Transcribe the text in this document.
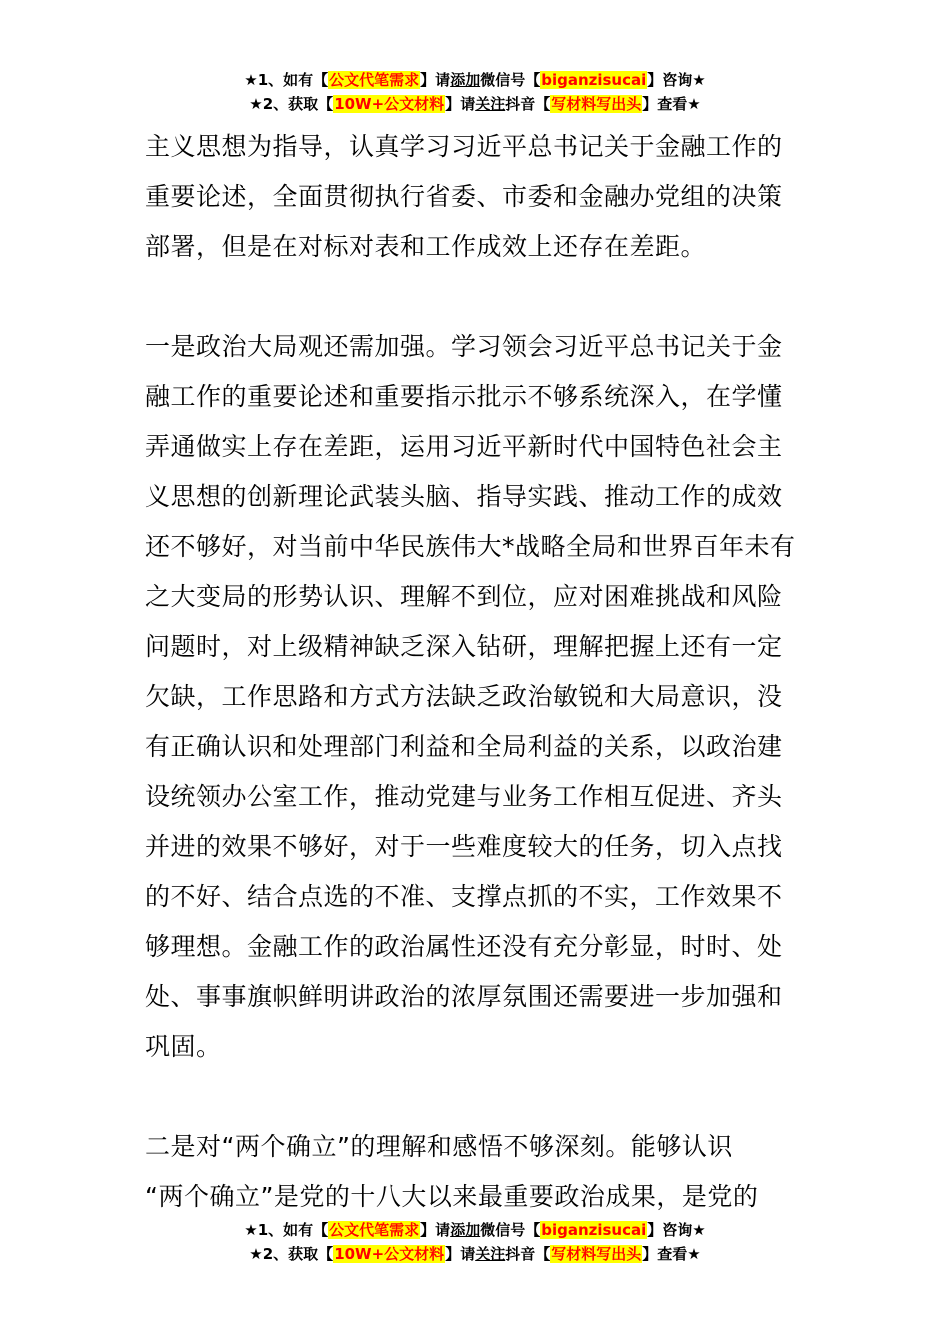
★1、如有【公文代笔需求】请添加微信号【biganzisucai】咨询★
★2、获取【10W+公文材料】请关注抖音【写材料写出头】查看★

主义思想为指导，认真学习习近平总书记关于金融工作的
重要论述，全面贯彻执行省委、市委和金融办党组的决策
部署，但是在对标对表和工作成效上还存在差距。

一是政治大局观还需加强。学习领会习近平总书记关于金
融工作的重要论述和重要指示批示不够系统深入，在学懂
弄通做实上存在差距，运用习近平新时代中国特色社会主
义思想的创新理论武装头脑、指导实践、推动工作的成效
还不够好，对当前中华民族伟大*战略全局和世界百年未有
之大变局的形势认识、理解不到位，应对困难挑战和风险
问题时，对上级精神缺乏深入钻研，理解把握上还有一定
欠缺，工作思路和方式方法缺乏政治敏锐和大局意识，没
有正确认识和处理部门利益和全局利益的关系，以政治建
设统领办公室工作，推动党建与业务工作相互促进、齐头
并进的效果不够好，对于一些难度较大的任务，切入点找
的不好、结合点选的不准、支撑点抓的不实，工作效果不
够理想。金融工作的政治属性还没有充分彰显，时时、处
处、事事旗帜鲜明讲政治的浓厚氛围还需要进一步加强和
巩固。

二是对“两个确立”的理解和感悟不够深刻。能够认识
“两个确立”是党的十八大以来最重要政治成果，是党的

★1、如有【公文代笔需求】请添加微信号【biganzisucai】咨询★
★2、获取【10W+公文材料】请关注抖音【写材料写出头】查看★
